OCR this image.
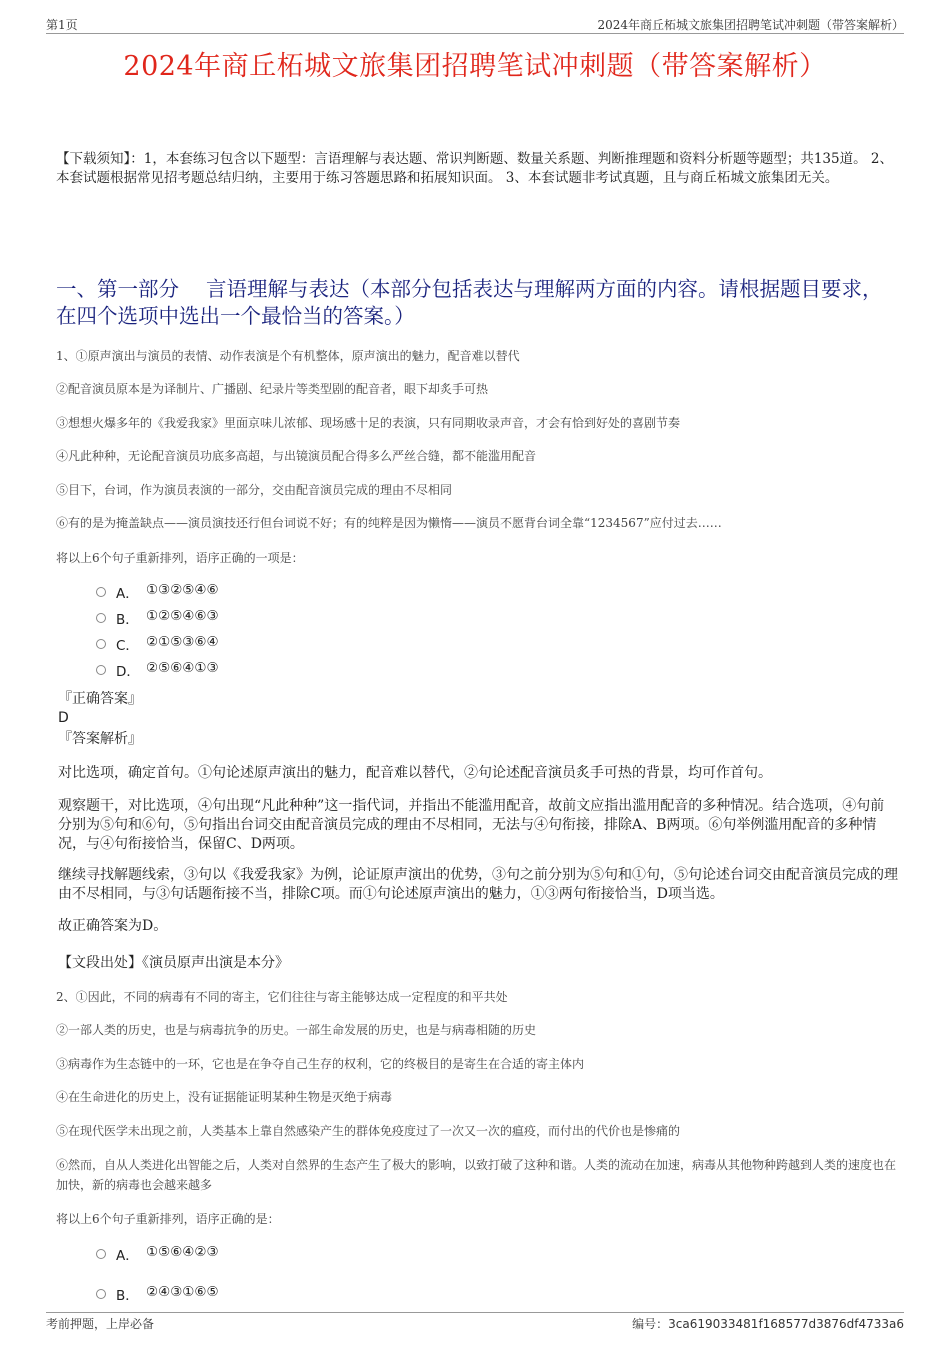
第1页	2024年商丘柘城文旅集团招聘笔试冲刺题（带答案解析）
2024年商丘柘城文旅集团招聘笔试冲刺题（带答案解析）
【下载须知】：1，本套练习包含以下题型：言语理解与表达题、常识判断题、数量关系题、判断推理题和资料分析题等题型；共135道。 2、本套试题根据常见招考题总结归纳，主要用于练习答题思路和拓展知识面。 3、本套试题非考试真题，且与商丘柘城文旅集团无关。
一、第一部分　 言语理解与表达（本部分包括表达与理解两方面的内容。请根据题目要求，在四个选项中选出一个最恰当的答案。）
1、①原声演出与演员的表情、动作表演是个有机整体，原声演出的魅力，配音难以替代
②配音演员原本是为译制片、广播剧、纪录片等类型剧的配音者，眼下却炙手可热
③想想火爆多年的《我爱我家》里面京味儿浓郁、现场感十足的表演，只有同期收录声音，才会有恰到好处的喜剧节奏
④凡此种种，无论配音演员功底多高超，与出镜演员配合得多么严丝合缝，都不能滥用配音
⑤目下，台词，作为演员表演的一部分，交由配音演员完成的理由不尽相同
⑥有的是为掩盖缺点——演员演技还行但台词说不好；有的纯粹是因为懒惰——演员不愿背台词全靠“1234567”应付过去……
将以上6个句子重新排列，语序正确的一项是：
A． ①③②⑤④⑥
B． ①②⑤④⑥③
C． ②①⑤③⑥④
D． ②⑤⑥④①③
『正确答案』
D
『答案解析』
对比选项，确定首句。①句论述原声演出的魅力，配音难以替代，②句论述配音演员炙手可热的背景，均可作首句。
观察题干，对比选项，④句出现“凡此种种”这一指代词，并指出不能滥用配音，故前文应指出滥用配音的多种情况。结合选项，④句前分别为⑤句和⑥句，⑤句指出台词交由配音演员完成的理由不尽相同，无法与④句衔接，排除A、B两项。⑥句举例滥用配音的多种情况，与④句衔接恰当，保留C、D两项。
继续寻找解题线索，③句以《我爱我家》为例，论证原声演出的优势，③句之前分别为⑤句和①句，⑤句论述台词交由配音演员完成的理由不尽相同，与③句话题衔接不当，排除C项。而①句论述原声演出的魅力，①③两句衔接恰当，D项当选。
故正确答案为D。
【文段出处】《演员原声出演是本分》
2、①因此，不同的病毒有不同的寄主，它们往往与寄主能够达成一定程度的和平共处
②一部人类的历史，也是与病毒抗争的历史。一部生命发展的历史，也是与病毒相随的历史
③病毒作为生态链中的一环，它也是在争夺自己生存的权利，它的终极目的是寄生在合适的寄主体内
④在生命进化的历史上，没有证据能证明某种生物是灭绝于病毒
⑤在现代医学未出现之前，人类基本上靠自然感染产生的群体免疫度过了一次又一次的瘟疫，而付出的代价也是惨痛的
⑥然而，自从人类进化出智能之后，人类对自然界的生态产生了极大的影响，以致打破了这种和谐。人类的流动在加速，病毒从其他物种跨越到人类的速度也在加快，新的病毒也会越来越多
将以上6个句子重新排列，语序正确的是：
A． ①⑤⑥④②③
B． ②④③①⑥⑤
考前押题，上岸必备	编号：3ca619033481f168577d3876df4733a6
